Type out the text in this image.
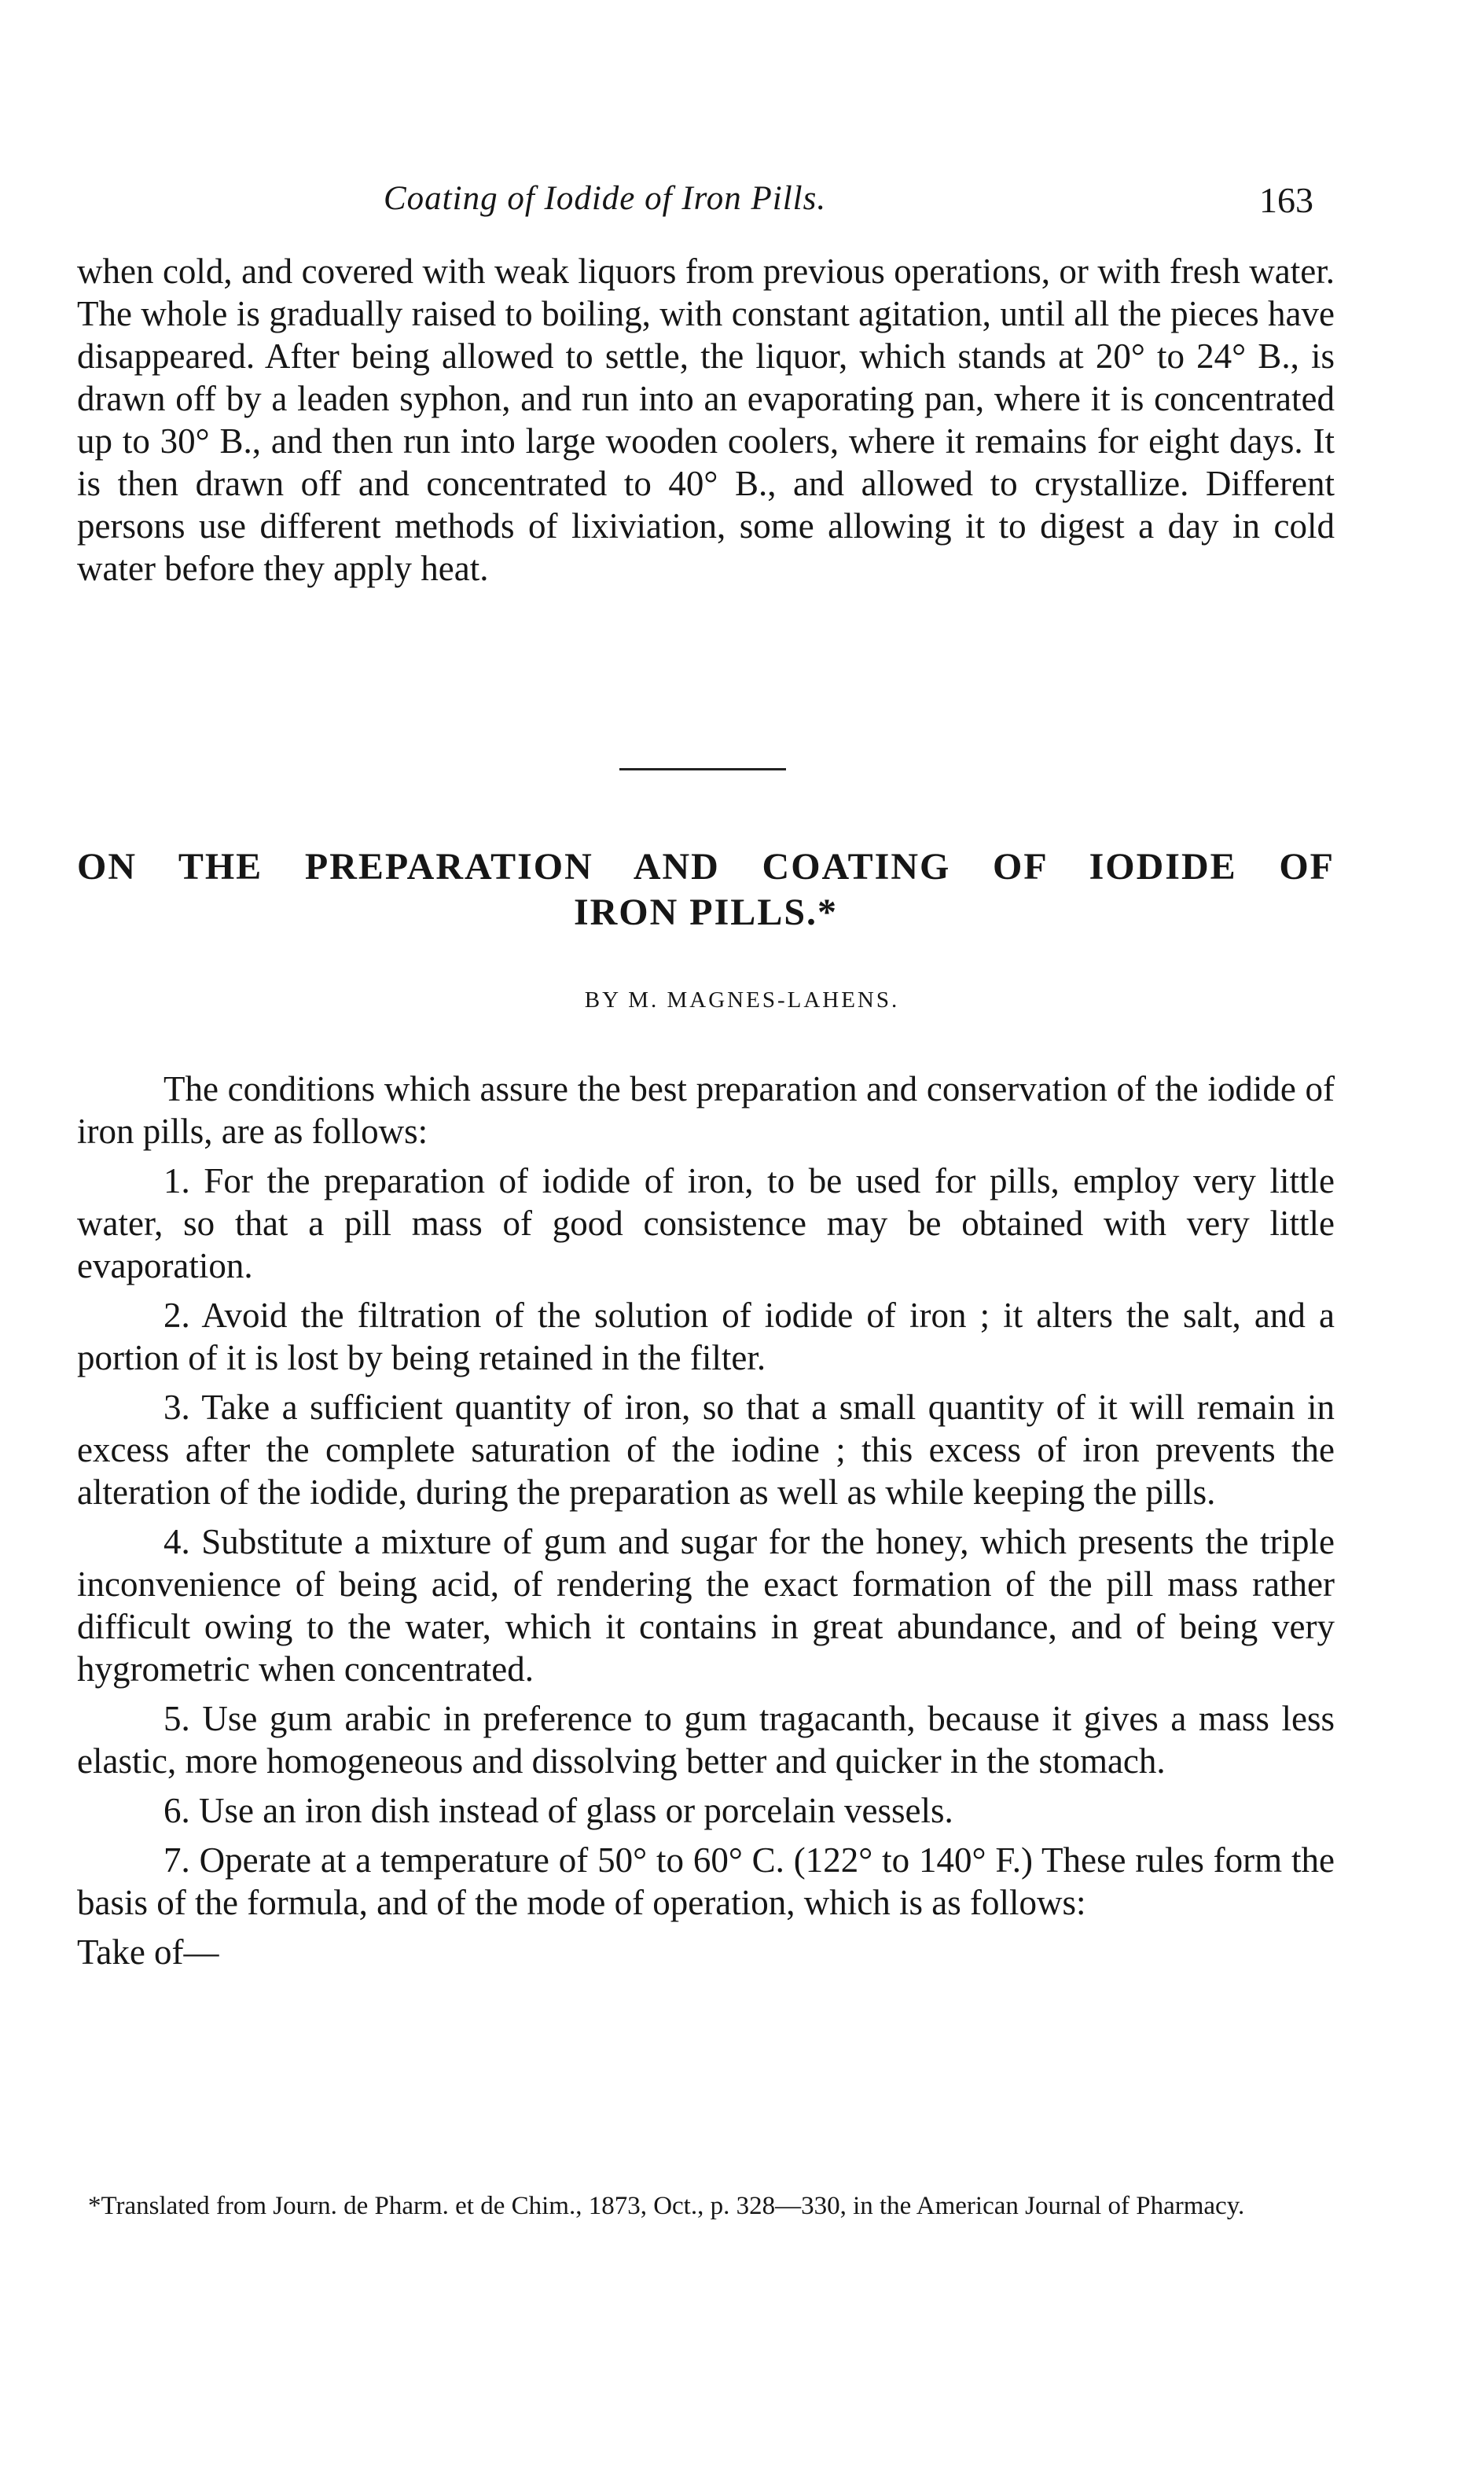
Coating of Iodide of Iron Pills.	163

when cold, and covered with weak liquors from previous operations, or with fresh water. The whole is gradually raised to boiling, with constant agitation, until all the pieces have disappeared. After being allowed to settle, the liquor, which stands at 20° to 24° B., is drawn off by a leaden syphon, and run into an evaporating pan, where it is concentrated up to 30° B., and then run into large wooden coolers, where it remains for eight days. It is then drawn off and concentrated to 40° B., and allowed to crystallize. Different persons use different methods of lixiviation, some allowing it to digest a day in cold water before they apply heat.

ON THE PREPARATION AND COATING OF IODIDE OF
IRON PILLS.*
BY M. MAGNES-LAHENS.

The conditions which assure the best preparation and conservation of the iodide of iron pills, are as follows:

1. For the preparation of iodide of iron, to be used for pills, employ very little water, so that a pill mass of good consistence may be obtained with very little evaporation.

2. Avoid the filtration of the solution of iodide of iron ; it alters the salt, and a portion of it is lost by being retained in the filter.

3. Take a sufficient quantity of iron, so that a small quantity of it will remain in excess after the complete saturation of the iodine ; this excess of iron prevents the alteration of the iodide, during the preparation as well as while keeping the pills.

4. Substitute a mixture of gum and sugar for the honey, which presents the triple inconvenience of being acid, of rendering the exact formation of the pill mass rather difficult owing to the water, which it contains in great abundance, and of being very hygrometric when concentrated.

5. Use gum arabic in preference to gum tragacanth, because it gives a mass less elastic, more homogeneous and dissolving better and quicker in the stomach.

6. Use an iron dish instead of glass or porcelain vessels.

7. Operate at a temperature of 50° to 60° C. (122° to 140° F.) These rules form the basis of the formula, and of the mode of operation, which is as follows:

Take of—

*Translated from Journ. de Pharm. et de Chim., 1873, Oct., p. 328—330, in the American Journal of Pharmacy.
